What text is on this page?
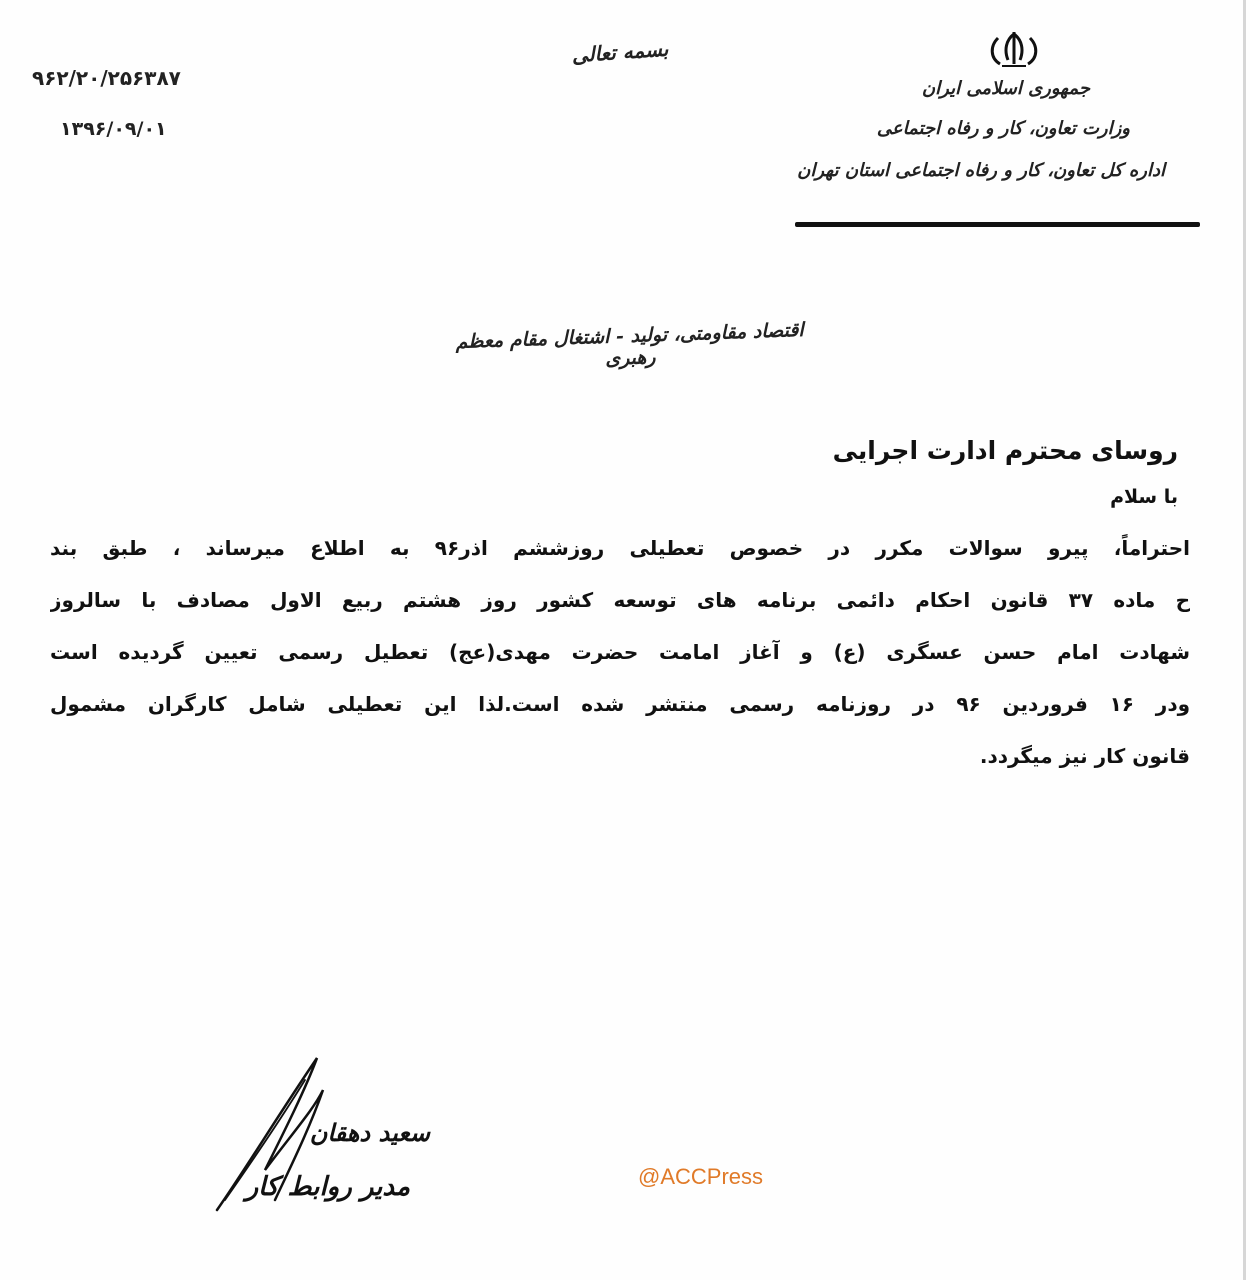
جمهوری اسلامی ایران
وزارت تعاون، کار و رفاه اجتماعی
اداره کل تعاون، کار و رفاه اجتماعی استان تهران
بسمه تعالی
۹۶۲/۲۰/۲۵۶۳۸۷
۱۳۹۶/۰۹/۰۱
اقتصاد مقاومتی، تولید - اشتغال مقام معظم رهبری
روسای محترم ادارت اجرایی
با سلام
احتراماً، پیرو سوالات مکرر در خصوص تعطیلی روزششم اذر۹۶ به اطلاع میرساند ، طبق بند
ح ماده ۳۷ قانون احکام دائمی برنامه های توسعه کشور روز هشتم ربیع الاول مصادف با سالروز
شهادت امام حسن عسگری (ع) و آغاز امامت حضرت مهدی(عج) تعطیل رسمی تعیین گردیده است
ودر ۱۶ فروردین ۹۶ در روزنامه رسمی منتشر شده است.لذا این تعطیلی شامل کارگران مشمول
قانون کار نیز میگردد.
سعید دهقان
مدیر روابط کار	@ACCPress
